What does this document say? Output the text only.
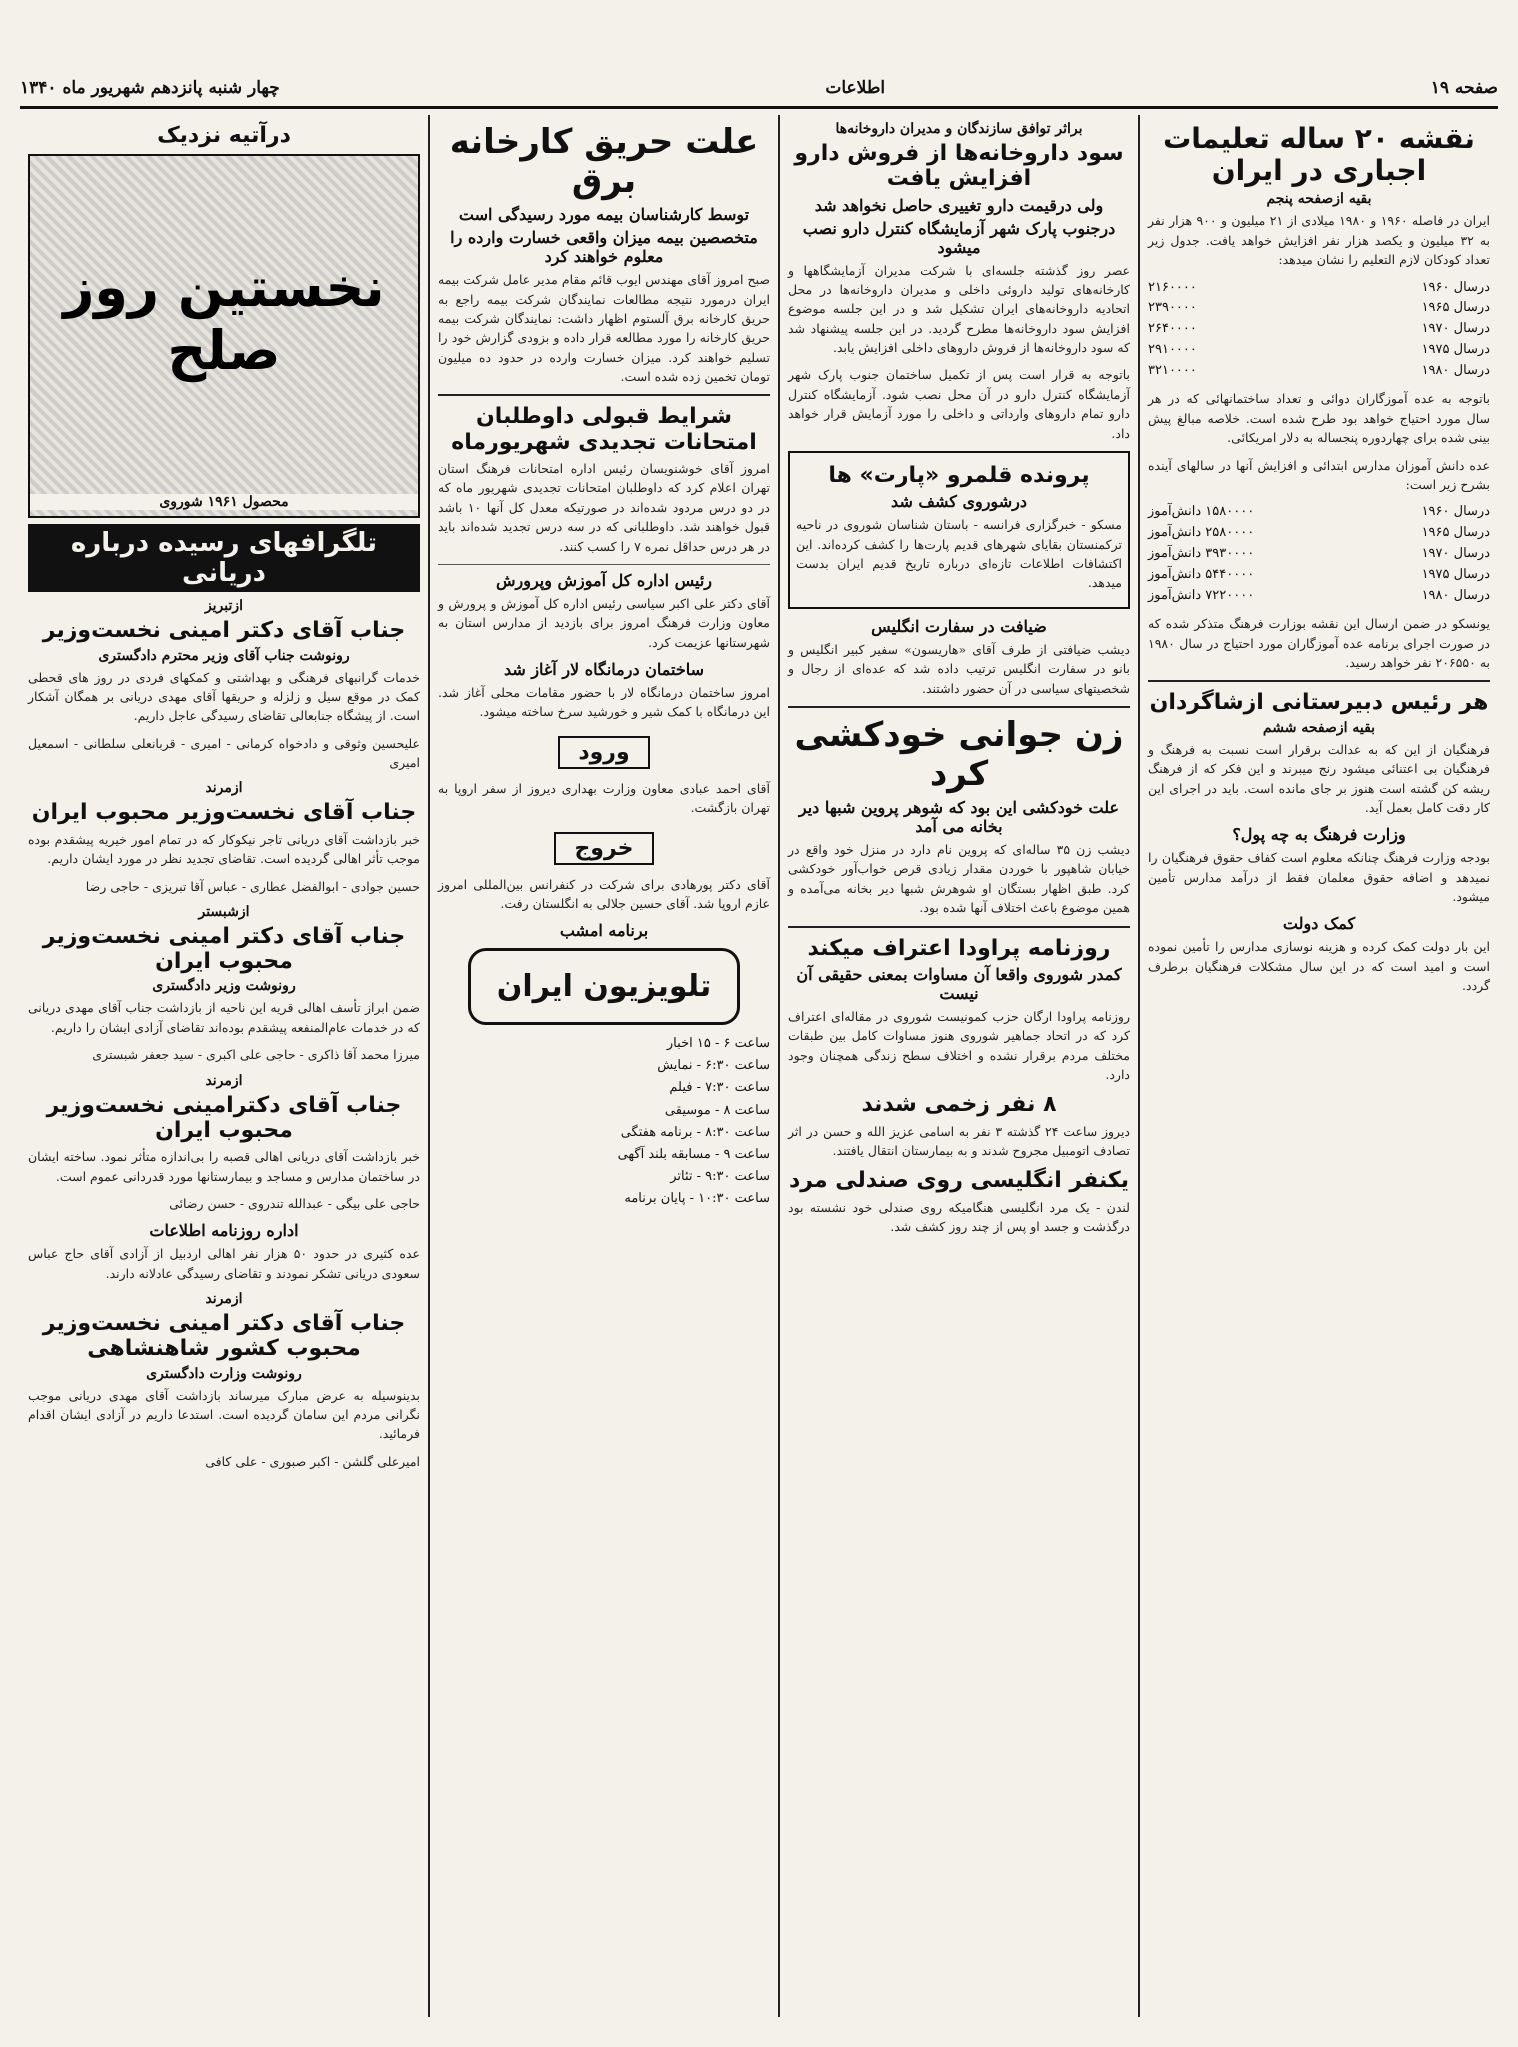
صفحه ۱۹
اطلاعات
چهار شنبه پانزدهم شهریور ماه ۱۳۴۰
نقشه ۲۰ ساله تعلیمات اجباری در ایران
بقیه ازصفحه پنجم
ایران در فاصله ۱۹۶۰ و ۱۹۸۰ میلادی از ۲۱ میلیون و ۹۰۰ هزار نفر به ۳۲ میلیون و یکصد هزار نفر افزایش خواهد یافت. جدول زیر تعداد کودکان لازم التعلیم را نشان میدهد:
درسال ۱۹۶۰
۲۱۶۰۰۰۰
درسال ۱۹۶۵
۲۳۹۰۰۰۰
درسال ۱۹۷۰
۲۶۴۰۰۰۰
درسال ۱۹۷۵
۲۹۱۰۰۰۰
درسال ۱۹۸۰
۳۲۱۰۰۰۰
باتوجه به عده آموزگاران دوائی و تعداد ساختمانهائی که در هر سال مورد احتیاج خواهد بود طرح شده است. خلاصه مبالغ پیش بینی شده برای چهاردوره پنجساله به دلار امریکائی.
عده دانش آموزان مدارس ابتدائی و افزایش آنها در سالهای آینده بشرح زیر است:
درسال ۱۹۶۰
۱۵۸۰۰۰۰ دانش‌آموز
درسال ۱۹۶۵
۲۵۸۰۰۰۰ دانش‌آموز
درسال ۱۹۷۰
۳۹۳۰۰۰۰ دانش‌آموز
درسال ۱۹۷۵
۵۴۴۰۰۰۰ دانش‌آموز
درسال ۱۹۸۰
۷۲۲۰۰۰۰ دانش‌آموز
یونسکو در ضمن ارسال این نقشه بوزارت فرهنگ متذکر شده که در صورت اجرای برنامه عده آموزگاران مورد احتیاج در سال ۱۹۸۰ به ۲۰۶۵۵۰ نفر خواهد رسید.
هر رئیس دبیرستانی ازشاگردان
بقیه ازصفحه ششم
فرهنگیان از این که به عدالت برقرار است نسبت به فرهنگ و فرهنگیان بی اعتنائی میشود رنج میبرند و این فکر که از فرهنگ ریشه کن گشته است هنوز بر جای مانده است. باید در اجرای این کار دقت کامل بعمل آید.
وزارت فرهنگ به چه پول؟
بودجه وزارت فرهنگ چنانکه معلوم است کفاف حقوق فرهنگیان را نمیدهد و اضافه حقوق معلمان فقط از درآمد مدارس تأمین میشود.
کمک دولت
این بار دولت کمک کرده و هزینه نوسازی مدارس را تأمین نموده است و امید است که در این سال مشکلات فرهنگیان برطرف گردد.
براثر توافق سازندگان و مدیران داروخانه‌ها
سود داروخانه‌ها از فروش دارو افزایش یافت
ولی درقیمت دارو تغییری حاصل نخواهد شد
درجنوب پارک شهر آزمایشگاه کنترل دارو نصب میشود
عصر روز گذشته جلسه‌ای با شرکت مدیران آزمایشگاهها و کارخانه‌های تولید داروئی داخلی و مدیران داروخانه‌ها در محل اتحادیه داروخانه‌های ایران تشکیل شد و در این جلسه موضوع افزایش سود داروخانه‌ها مطرح گردید. در این جلسه پیشنهاد شد که سود داروخانه‌ها از فروش داروهای داخلی افزایش یابد.
باتوجه به قرار است پس از تکمیل ساختمان جنوب پارک شهر آزمایشگاه کنترل دارو در آن محل نصب شود. آزمایشگاه کنترل دارو تمام داروهای وارداتی و داخلی را مورد آزمایش قرار خواهد داد.
پرونده قلمرو «پارت» ها
درشوروی کشف شد
مسکو - خبرگزاری فرانسه - باستان شناسان شوروی در ناحیه ترکمنستان بقایای شهرهای قدیم پارت‌ها را کشف کرده‌اند. این اکتشافات اطلاعات تازه‌ای درباره تاریخ قدیم ایران بدست میدهد.
ضیافت در سفارت انگلیس
دیشب ضیافتی از طرف آقای «هاریسون» سفیر کبیر انگلیس و بانو در سفارت انگلیس ترتیب داده شد که عده‌ای از رجال و شخصیتهای سیاسی در آن حضور داشتند.
زن جوانی خودکشی کرد
علت خودکشی این بود که شوهر پروین شبها دیر بخانه می آمد
دیشب زن ۳۵ ساله‌ای که پروین نام دارد در منزل خود واقع در خیابان شاهپور با خوردن مقدار زیادی قرص خواب‌آور خودکشی کرد. طبق اظهار بستگان او شوهرش شبها دیر بخانه می‌آمده و همین موضوع باعث اختلاف آنها شده بود.
روزنامه پراودا اعتراف میکند
کمدر شوروی واقعا آن مساوات بمعنی حقیقی آن نیست
روزنامه پراودا ارگان حزب کمونیست شوروی در مقاله‌ای اعتراف کرد که در اتحاد جماهیر شوروی هنوز مساوات کامل بین طبقات مختلف مردم برقرار نشده و اختلاف سطح زندگی همچنان وجود دارد.
۸ نفر زخمی شدند
دیروز ساعت ۲۴ گذشته ۳ نفر به اسامی عزیز الله و حسن در اثر تصادف اتومبیل مجروح شدند و به بیمارستان انتقال یافتند.
یکنفر انگلیسی روی صندلی مرد
لندن - یک مرد انگلیسی هنگامیکه روی صندلی خود نشسته بود درگذشت و جسد او پس از چند روز کشف شد.
علت حریق کارخانه برق
توسط کارشناسان بیمه مورد رسیدگی است
متخصصین بیمه میزان واقعی خسارت وارده را معلوم خواهند کرد
صبح امروز آقای مهندس ایوب قائم مقام مدیر عامل شرکت بیمه ایران درمورد نتیجه مطالعات نمایندگان شرکت بیمه راجع به حریق کارخانه برق آلستوم اظهار داشت: نمایندگان شرکت بیمه حریق کارخانه را مورد مطالعه قرار داده و بزودی گزارش خود را تسلیم خواهند کرد. میزان خسارت وارده در حدود ده میلیون تومان تخمین زده شده است.
شرایط قبولی داوطلبان امتحانات تجدیدی شهریورماه
امروز آقای خوشنویسان رئیس اداره امتحانات فرهنگ استان تهران اعلام کرد که داوطلبان امتحانات تجدیدی شهریور ماه که در دو درس مردود شده‌اند در صورتیکه معدل کل آنها ۱۰ باشد قبول خواهند شد. داوطلبانی که در سه درس تجدید شده‌اند باید در هر درس حداقل نمره ۷ را کسب کنند.
رئیس اداره کل آموزش وپرورش
آقای دکتر علی اکبر سیاسی رئیس اداره کل آموزش و پرورش و معاون وزارت فرهنگ امروز برای بازدید از مدارس استان به شهرستانها عزیمت کرد.
ساختمان درمانگاه لار آغاز شد
امروز ساختمان درمانگاه لار با حضور مقامات محلی آغاز شد. این درمانگاه با کمک شیر و خورشید سرخ ساخته میشود.
ورود
آقای احمد عبادی معاون وزارت بهداری دیروز از سفر اروپا به تهران بازگشت.
خروج
آقای دکتر پورهادی برای شرکت در کنفرانس بین‌المللی امروز عازم اروپا شد. آقای حسین جلالی به انگلستان رفت.
برنامه امشب
تلویزیون ایران
ساعت ۶ - ۱۵ اخبار
ساعت ۶:۳۰ - نمایش
ساعت ۷:۳۰ - فیلم
ساعت ۸ - موسیقی
ساعت ۸:۳۰ - برنامه هفتگی
ساعت ۹ - مسابقه بلند آگهی
ساعت ۹:۳۰ - تئاتر
ساعت ۱۰:۳۰ - پایان برنامه
درآتیه نزدیک
نخستین روز صلح
محصول ۱۹۶۱ شوروی
تلگرافهای رسیده درباره دریانی
ازتبریز
جناب آقای دکتر امینی نخست‌وزیر
رونوشت جناب آقای وزیر محترم دادگستری
خدمات گرانبهای فرهنگی و بهداشتی و کمکهای فردی در روز های قحطی کمک در موقع سیل و زلزله و حریقها آقای مهدی دریانی بر همگان آشکار است. از پیشگاه جنابعالی تقاضای رسیدگی عاجل داریم.
علیحسین وثوقی و دادخواه کرمانی - امیری - قربانعلی سلطانی - اسمعیل امیری
ازمرند
جناب آقای نخست‌وزیر محبوب ایران
خبر بازداشت آقای دریانی تاجر نیکوکار که در تمام امور خیریه پیشقدم بوده موجب تأثر اهالی گردیده است. تقاضای تجدید نظر در مورد ایشان داریم.
حسین جوادی - ابوالفضل عطاری - عباس آقا تبریزی - حاجی رضا
ازشبستر
جناب آقای دکتر امینی نخست‌وزیر محبوب ایران
رونوشت وزیر دادگستری
ضمن ابراز تأسف اهالی قریه این ناحیه از بازداشت جناب آقای مهدی دریانی که در خدمات عام‌المنفعه پیشقدم بوده‌اند تقاضای آزادی ایشان را داریم.
میرزا محمد آقا ذاکری - حاجی علی اکبری - سید جعفر شبستری
ازمرند
جناب آقای دکترامینی نخست‌وزیر محبوب ایران
خبر بازداشت آقای دریانی اهالی قصبه را بی‌اندازه متأثر نمود. ساخته ایشان در ساختمان مدارس و مساجد و بیمارستانها مورد قدردانی عموم است.
حاجی علی بیگی - عبدالله تندروی - حسن رضائی
اداره روزنامه اطلاعات
عده کثیری در حدود ۵۰ هزار نفر اهالی اردبیل از آزادی آقای حاج عباس سعودی دریانی تشکر نمودند و تقاضای رسیدگی عادلانه دارند.
ازمرند
جناب آقای دکتر امینی نخست‌وزیر محبوب کشور شاهنشاهی
رونوشت وزارت دادگستری
بدینوسیله به عرض مبارک میرساند بازداشت آقای مهدی دریانی موجب نگرانی مردم این سامان گردیده است. استدعا داریم در آزادی ایشان اقدام فرمائید.
امیرعلی گلشن - اکبر صبوری - علی کافی
